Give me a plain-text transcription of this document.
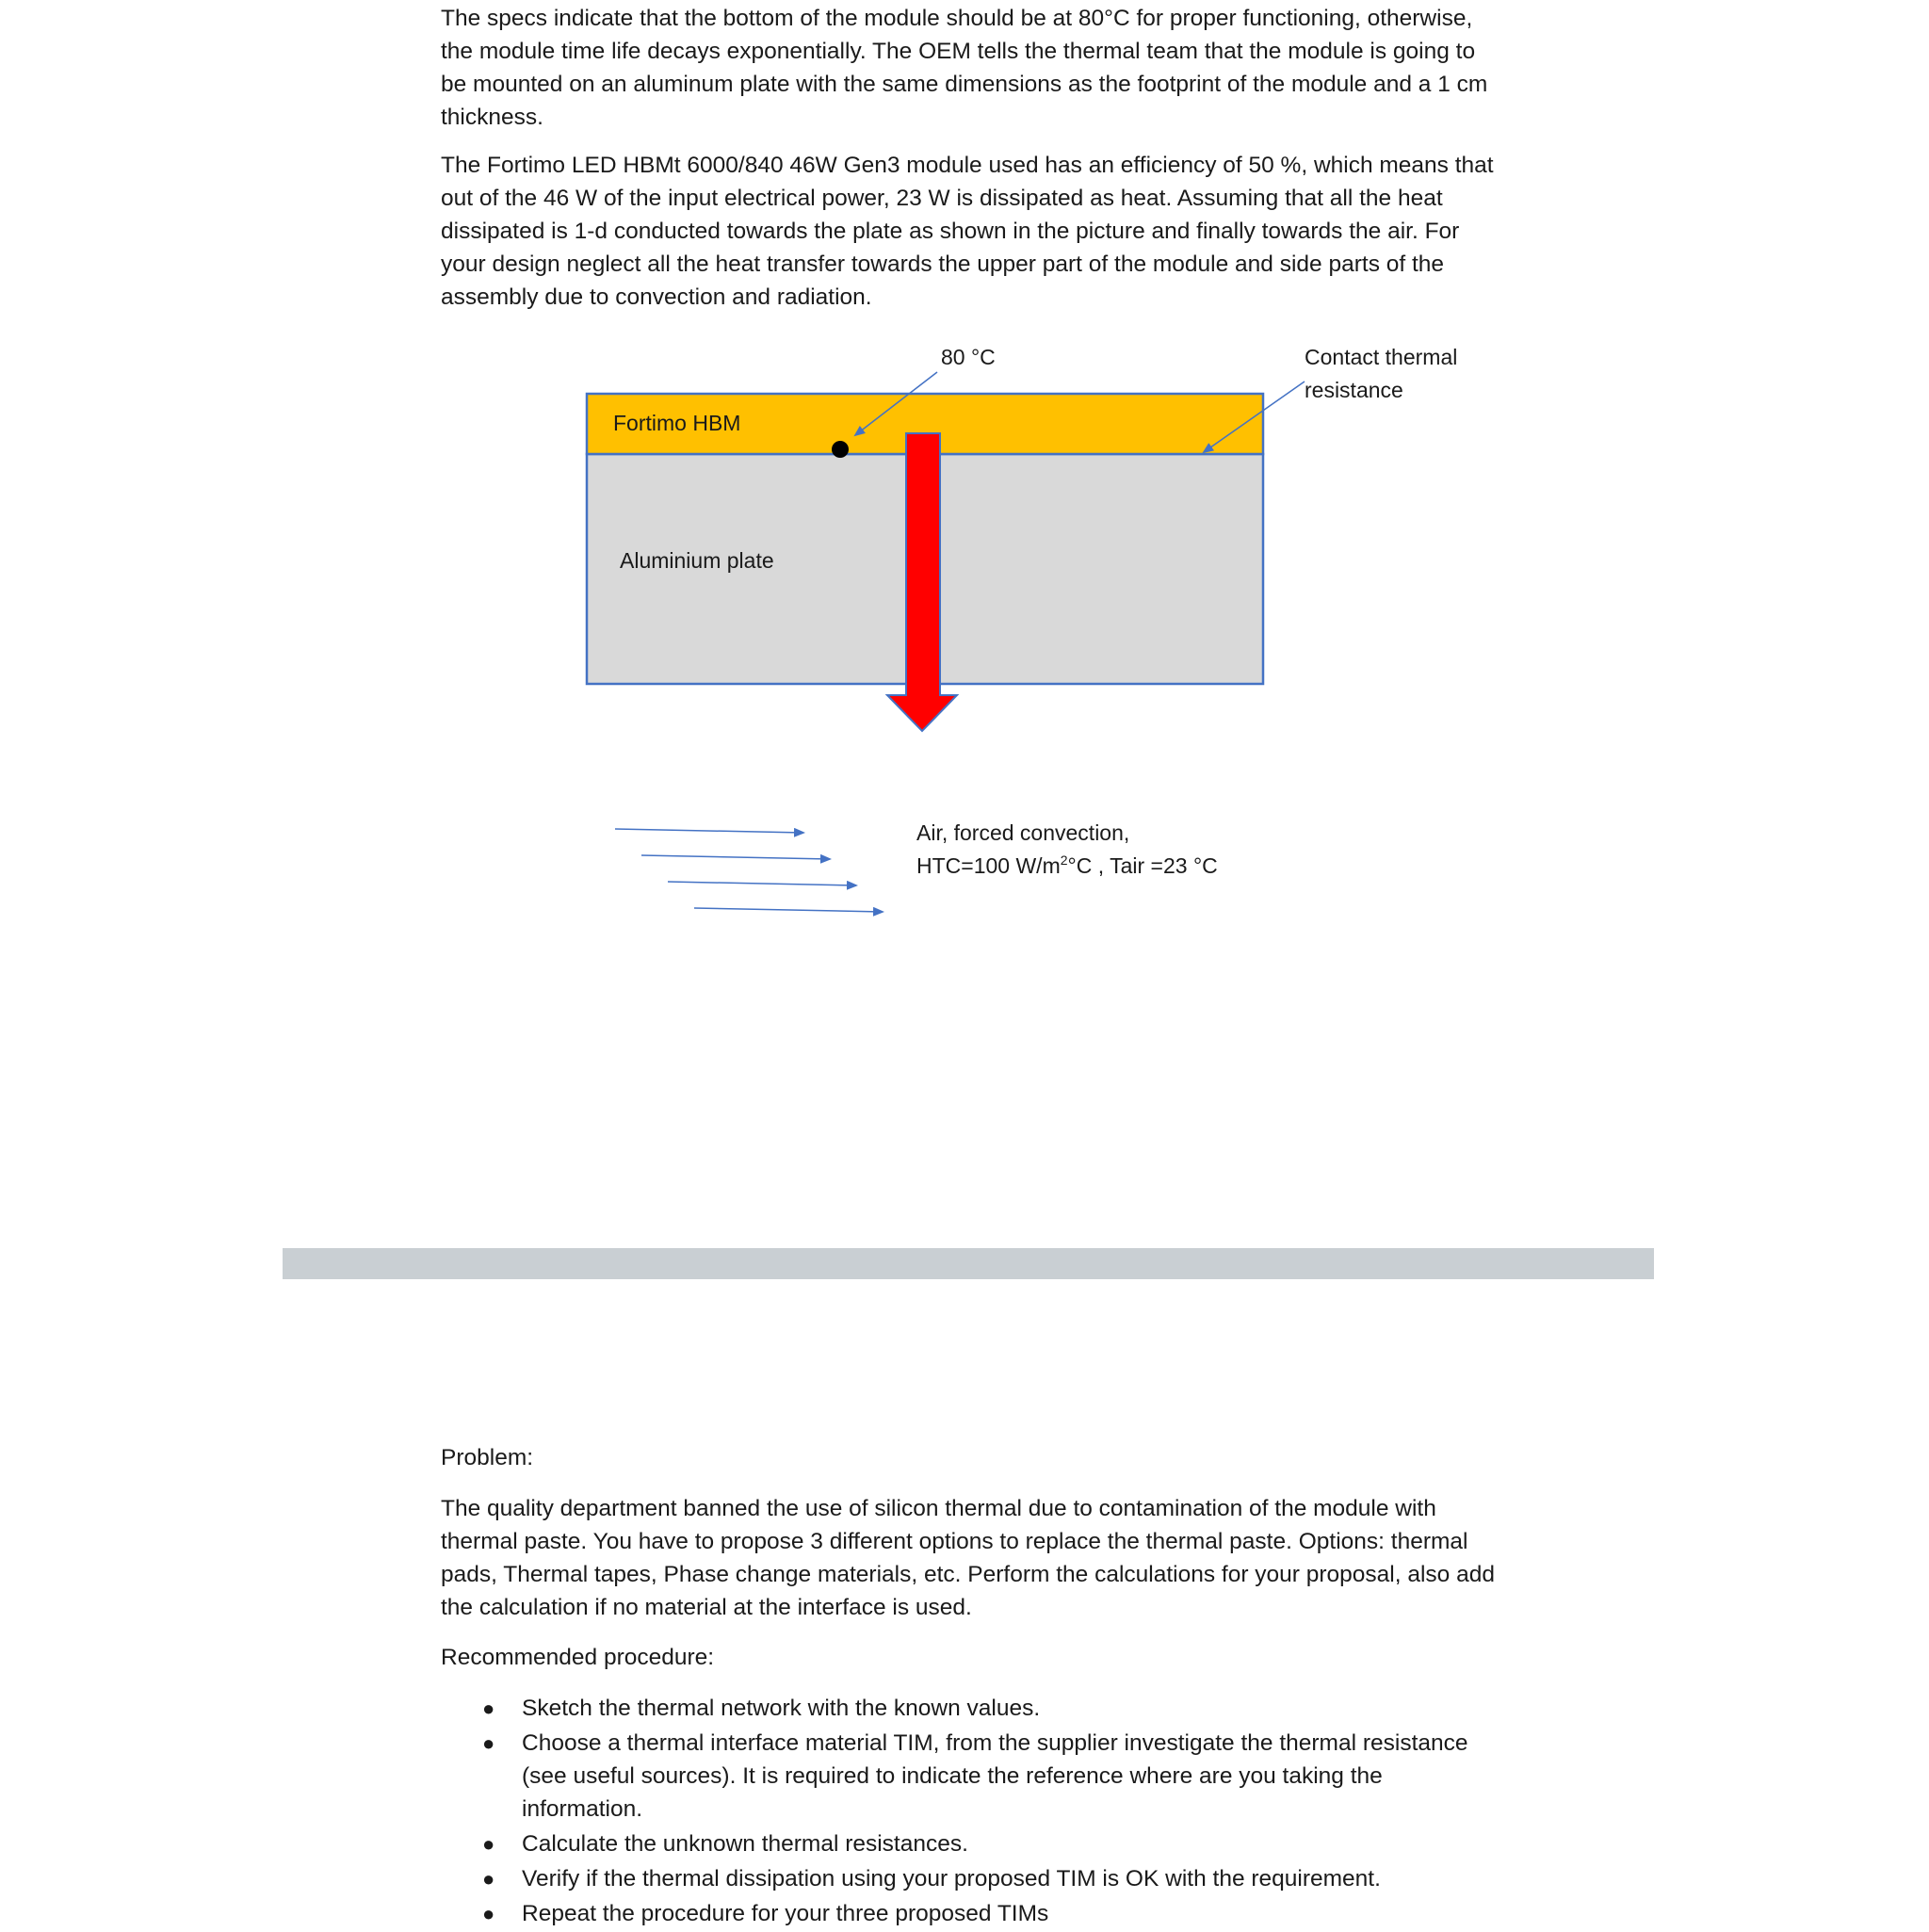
The specs indicate that the bottom of the module should be at 80°C for proper functioning, otherwise,
the module time life decays exponentially. The OEM tells the thermal team that the module is going to
be mounted on an aluminum plate with the same dimensions as the footprint of the module and a 1 cm
thickness.

The Fortimo LED HBMt 6000/840 46W Gen3 module used has an efficiency of 50 %, which means that
out of the 46 W of the input electrical power, 23 W is dissipated as heat. Assuming that all the heat
dissipated is 1-d conducted towards the plate as shown in the picture and finally towards the air. For
your design neglect all the heat transfer towards the upper part of the module and side parts of the
assembly due to convection and radiation.

Fortimo HBM
Aluminium plate
80 °C	Contact thermal
resistance
Air, forced convection,
HTC=100 $W/m^2^\circ C$ , Tair =23 °C

Problem:

The quality department banned the use of silicon thermal due to contamination of the module with
thermal paste. You have to propose 3 different options to replace the thermal paste. Options: thermal
pads, Thermal tapes, Phase change materials, etc. Perform the calculations for your proposal, also add
the calculation if no material at the interface is used.

Recommended procedure:

● Sketch the thermal network with the known values.
● Choose a thermal interface material TIM, from the supplier investigate the thermal resistance
(see useful sources). It is required to indicate the reference where are you taking the
information.
● Calculate the unknown thermal resistances.
● Verify if the thermal dissipation using your proposed TIM is OK with the requirement.
● Repeat the procedure for your three proposed TIMs
